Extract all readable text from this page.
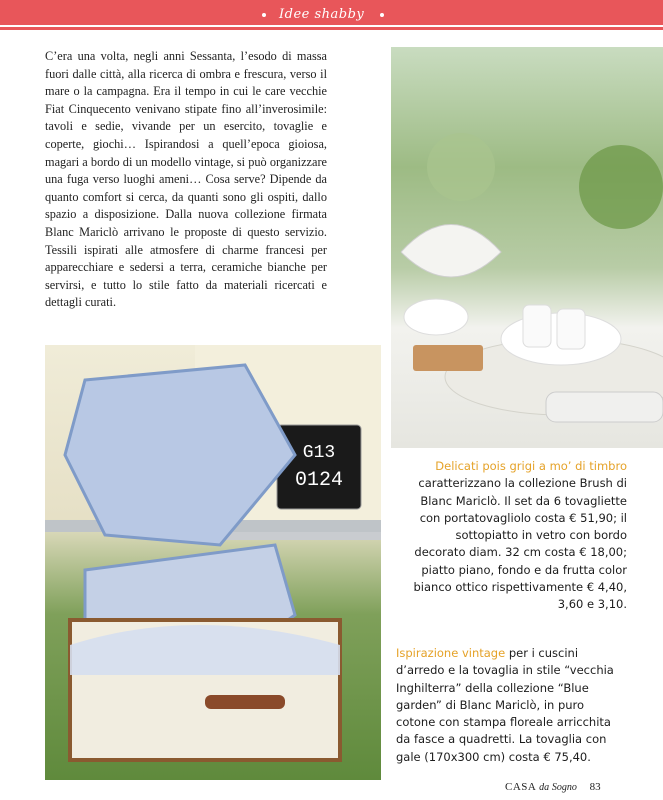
Idee shabby

C’era una volta, negli anni Sessanta, l’esodo di massa fuori dalle città, alla ricerca di ombra e frescura, verso il mare o la campagna. Era il tempo in cui le care vecchie Fiat Cinquecento venivano stipate fino all’inverosimile: tavoli e sedie, vivande per un esercito, tovaglie e coperte, giochi… Ispirandosi a quell’epoca gioiosa, magari a bordo di un modello vintage, si può organizzare una fuga verso luoghi ameni… Cosa serve? Dipende da quanto comfort si cerca, da quanti sono gli ospiti, dallo spazio a disposizione. Dalla nuova collezione firmata Blanc Mariclò arrivano le proposte di questo servizio. Tessili ispirati alle atmosfere di charme francesi per apparecchiare e sedersi a terra, ceramiche bianche per servirsi, e tutto lo stile fatto da materiali ricercati e dettagli curati.

G13
0124
Delicati pois grigi a mo’ di timbro caratterizzano la collezione Brush di Blanc Mariclò. Il set da 6 tovagliette con portatovagliolo costa € 51,90; il sottopiatto in vetro con bordo decorato diam. 32 cm costa € 18,00; piatto piano, fondo e da frutta color bianco ottico rispettivamente € 4,40, 3,60 e 3,10.
Ispirazione vintage per i cuscini d’arredo e la tovaglia in stile “vecchia Inghilterra” della collezione “Blue garden” di Blanc Mariclò, in puro cotone con stampa floreale arricchita da fasce a quadretti. La tovaglia con gale (170x300 cm) costa € 75,40.
CASA da Sogno 83
